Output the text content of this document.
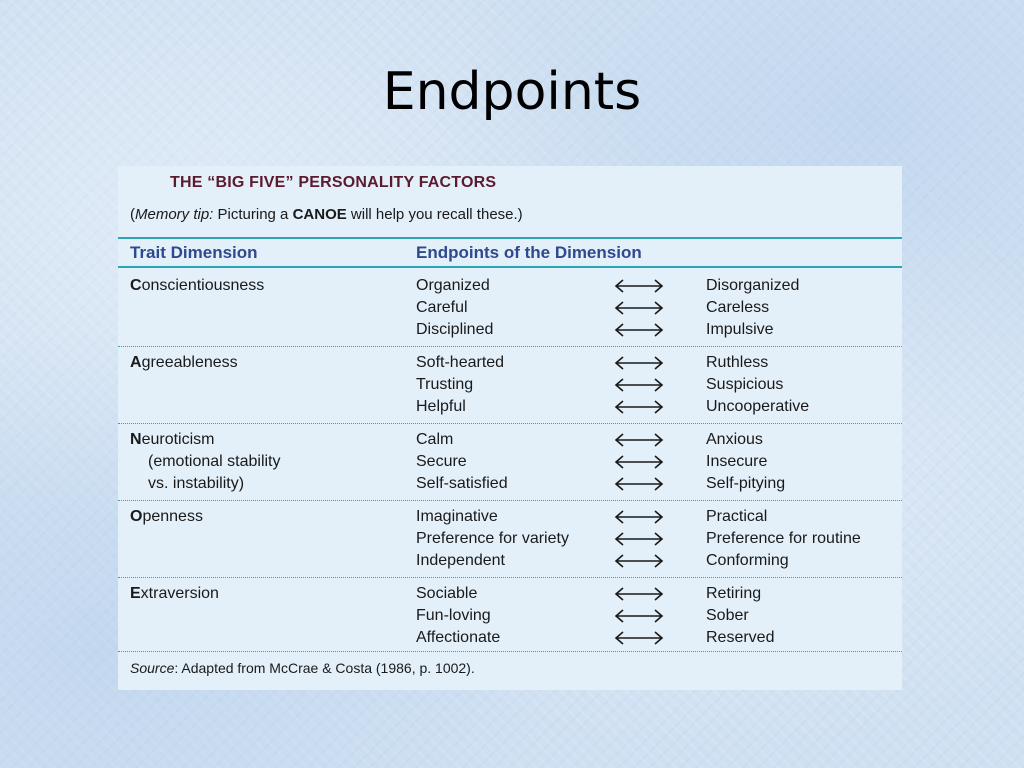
Endpoints
THE “BIG FIVE” PERSONALITY FACTORS
(Memory tip: Picturing a CANOE will help you recall these.)
Trait Dimension	Endpoints of the Dimension
Conscientiousness	Organized	Disorganized
Careful	Careless
Disciplined	Impulsive
Agreeableness	Soft-hearted	Ruthless
Trusting	Suspicious
Helpful	Uncooperative
Neuroticism
(emotional stability
vs. instability)
Calm	Anxious
Secure	Insecure
Self-satisfied	Self-pitying
Openness	Imaginative	Practical
Preference for variety	Preference for routine
Independent	Conforming
Extraversion	Sociable	Retiring
Fun-loving	Sober
Affectionate	Reserved
Source: Adapted from McCrae & Costa (1986, p. 1002).
